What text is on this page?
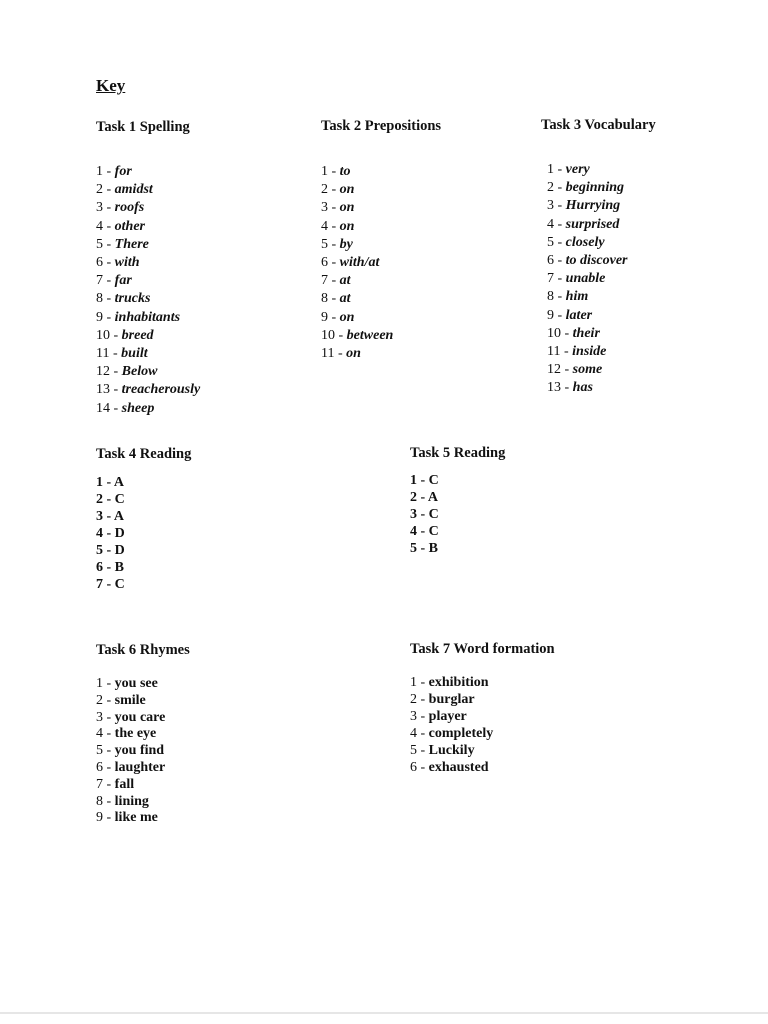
Key
Task 1 Spelling
1 - for
2 - amidst
3 - roofs
4 - other
5 - There
6 - with
7 - far
8 - trucks
9 - inhabitants
10 - breed
11 - built
12 - Below
13 - treacherously
14 - sheep
Task 2 Prepositions
1 - to
2 - on
3 - on
4 - on
5 - by
6 - with/at
7 - at
8 - at
9 - on
10 - between
11 - on
Task 3 Vocabulary
1 - very
2 - beginning
3 - Hurrying
4 - surprised
5 - closely
6 - to discover
7 - unable
8 - him
9 - later
10 - their
11 - inside
12 - some
13 - has
Task 4 Reading
1 - A
2 - C
3 - A
4 - D
5 - D
6 - B
7 - C
Task 5 Reading
1 - C
2 - A
3 - C
4 - C
5 - B
Task 6 Rhymes
1 - you see
2 - smile
3 - you care
4 - the eye
5 - you find
6 - laughter
7 - fall
8 - lining
9 - like me
Task 7 Word formation
1 - exhibition
2 - burglar
3 - player
4 - completely
5 - Luckily
6 - exhausted
